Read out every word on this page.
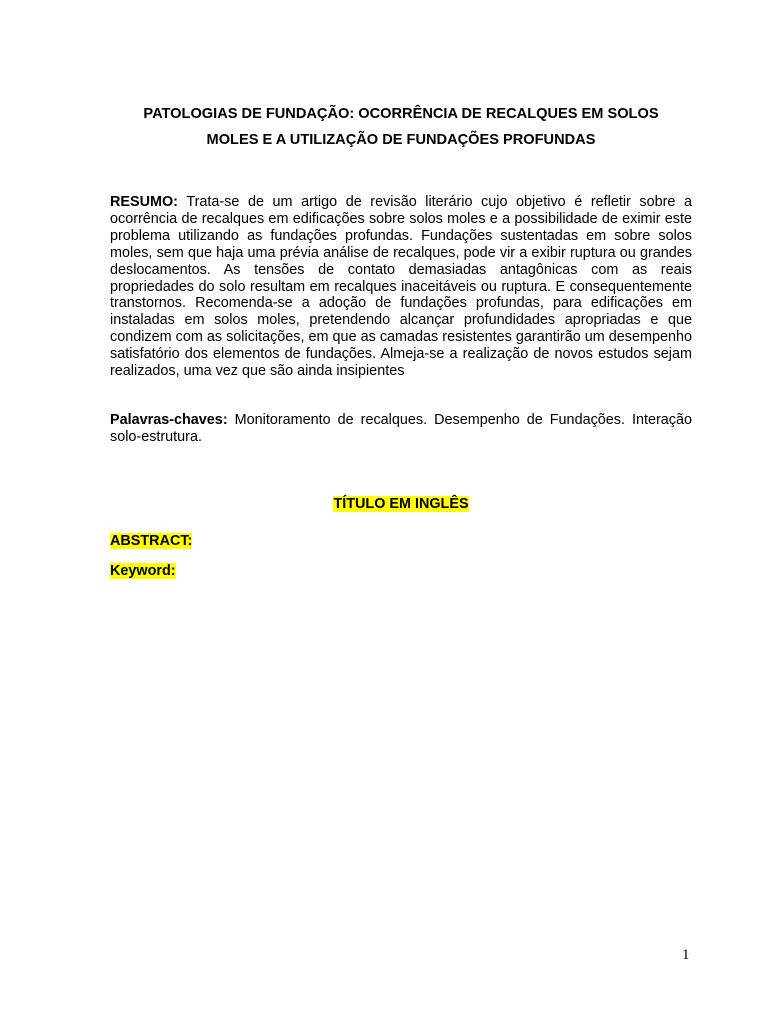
PATOLOGIAS DE FUNDAÇÃO: OCORRÊNCIA DE RECALQUES EM SOLOS
MOLES E A UTILIZAÇÃO DE FUNDAÇÕES PROFUNDAS

RESUMO: Trata-se de um artigo de revisão literário cujo objetivo é refletir sobre a ocorrência de recalques em edificações sobre solos moles e a possibilidade de eximir este problema utilizando as fundações profundas. Fundações sustentadas em sobre solos moles, sem que haja uma prévia análise de recalques, pode vir a exibir ruptura ou grandes deslocamentos. As tensões de contato demasiadas antagônicas com as reais propriedades do solo resultam em recalques inaceitáveis ou ruptura. E consequentemente transtornos. Recomenda-se a adoção de fundações profundas, para edificações em instaladas em solos moles, pretendendo alcançar profundidades apropriadas e que condizem com as solicitações, em que as camadas resistentes garantirão um desempenho satisfatório dos elementos de fundações. Almeja-se a realização de novos estudos sejam realizados, uma vez que são ainda insipientes

Palavras-chaves: Monitoramento de recalques. Desempenho de Fundações. Interação solo-estrutura.

TÍTULO EM INGLÊS

ABSTRACT:

Keyword:

1
